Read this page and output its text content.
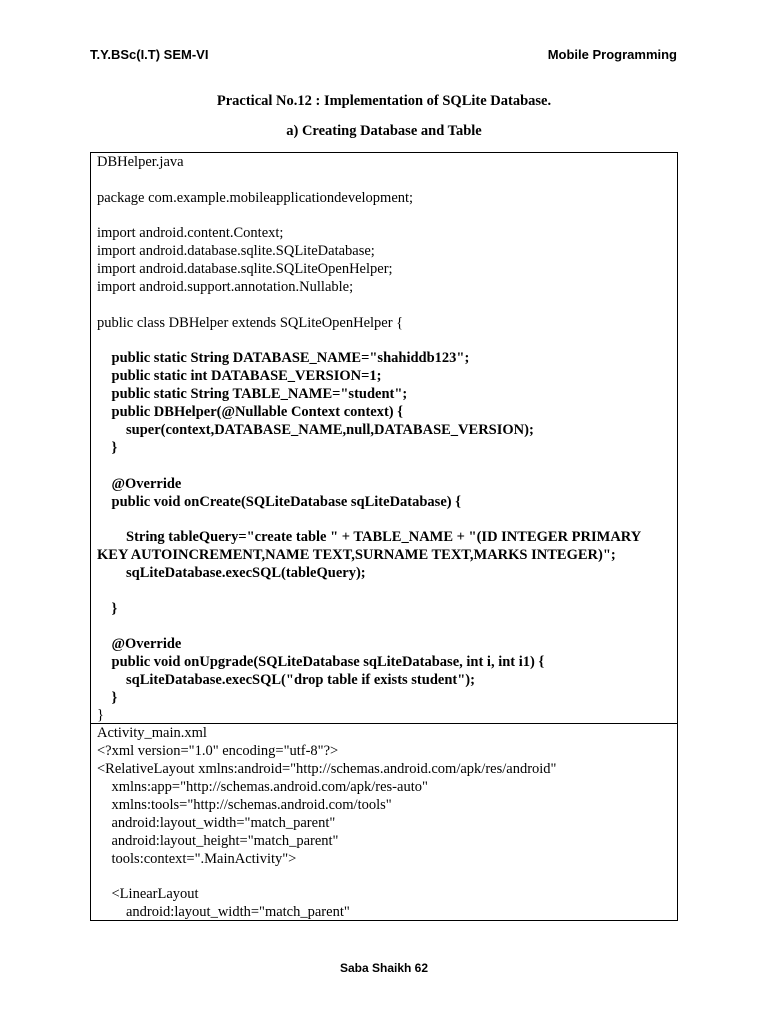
T.Y.BSc(I.T) SEM-VI	Mobile Programming
Practical No.12 : Implementation of SQLite Database.
a) Creating Database and Table
DBHelper.java
package com.example.mobileapplicationdevelopment;
import android.content.Context;
import android.database.sqlite.SQLiteDatabase;
import android.database.sqlite.SQLiteOpenHelper;
import android.support.annotation.Nullable;
public class DBHelper extends SQLiteOpenHelper {
public static String DATABASE_NAME="shahiddb123";
public static int DATABASE_VERSION=1;
public static String TABLE_NAME="student";
public DBHelper(@Nullable Context context) {
super(context,DATABASE_NAME,null,DATABASE_VERSION);
}
@Override
public void onCreate(SQLiteDatabase sqLiteDatabase) {
String tableQuery="create table " + TABLE_NAME + "(ID INTEGER PRIMARY
KEY AUTOINCREMENT,NAME TEXT,SURNAME TEXT,MARKS INTEGER)";
sqLiteDatabase.execSQL(tableQuery);
}
@Override
public void onUpgrade(SQLiteDatabase sqLiteDatabase, int i, int i1) {
sqLiteDatabase.execSQL("drop table if exists student");
}
}
Activity_main.xml
<?xml version="1.0" encoding="utf-8"?>
<RelativeLayout xmlns:android="http://schemas.android.com/apk/res/android"
xmlns:app="http://schemas.android.com/apk/res-auto"
xmlns:tools="http://schemas.android.com/tools"
android:layout_width="match_parent"
android:layout_height="match_parent"
tools:context=".MainActivity">
<LinearLayout
android:layout_width="match_parent"
Saba Shaikh 62
